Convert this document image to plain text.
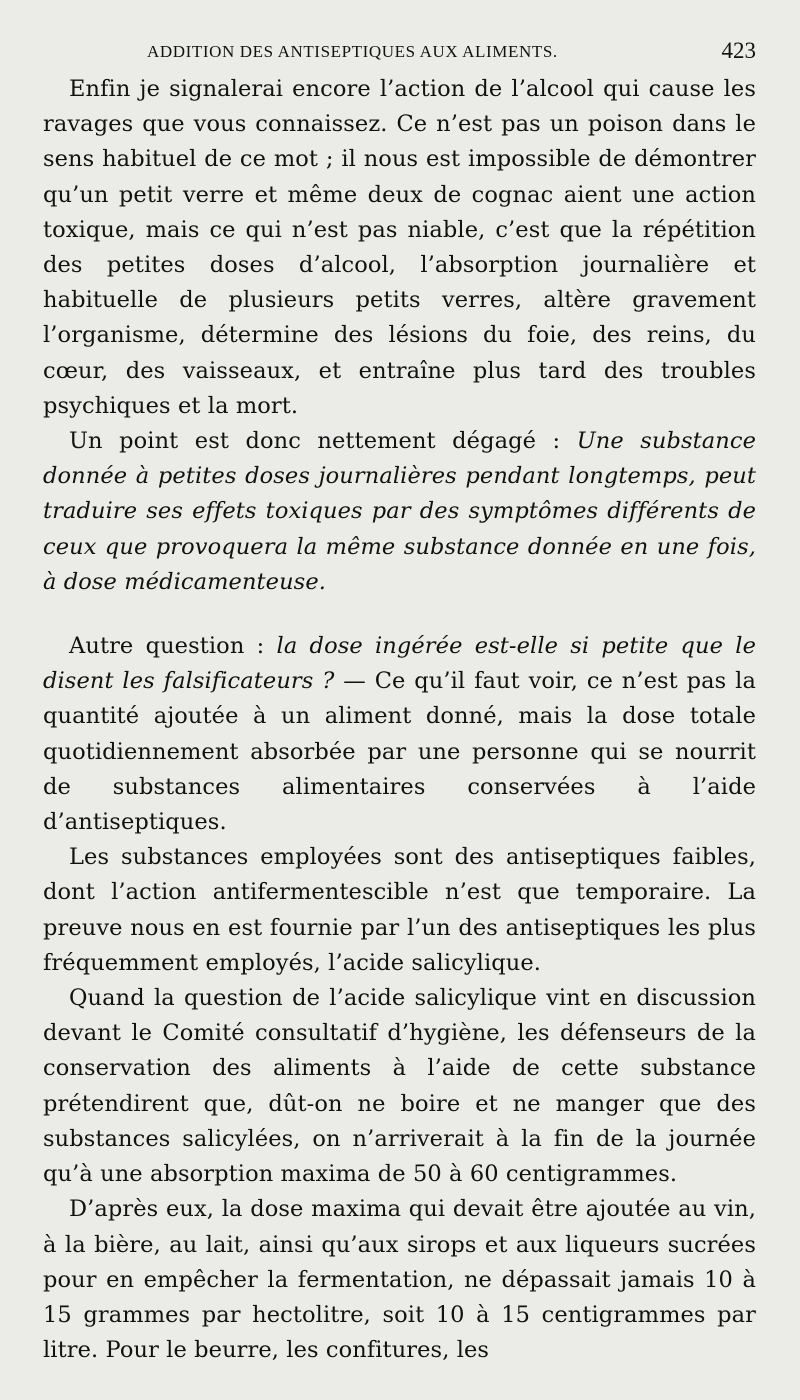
ADDITION DES ANTISEPTIQUES AUX ALIMENTS.	423

Enfin je signalerai encore l’action de l’alcool qui cause les ravages que vous connaissez. Ce n’est pas un poison dans le sens habituel de ce mot ; il nous est impossible de démontrer qu’un petit verre et même deux de cognac aient une action toxique, mais ce qui n’est pas niable, c’est que la répétition des petites doses d’alcool, l’absorption journalière et habituelle de plusieurs petits verres, altère gravement l’organisme, détermine des lésions du foie, des reins, du cœur, des vaisseaux, et entraîne plus tard des troubles psychiques et la mort.

Un point est donc nettement dégagé : Une substance donnée à petites doses journalières pendant longtemps, peut traduire ses effets toxiques par des symptômes différents de ceux que provoquera la même substance donnée en une fois, à dose médicamenteuse.

Autre question : la dose ingérée est-elle si petite que le disent les falsificateurs ? — Ce qu’il faut voir, ce n’est pas la quantité ajoutée à un aliment donné, mais la dose totale quotidiennement absorbée par une personne qui se nourrit de substances alimentaires conservées à l’aide d’antiseptiques.

Les substances employées sont des antiseptiques faibles, dont l’action antifermentescible n’est que temporaire. La preuve nous en est fournie par l’un des antiseptiques les plus fréquemment employés, l’acide salicylique.

Quand la question de l’acide salicylique vint en discussion devant le Comité consultatif d’hygiène, les défenseurs de la conservation des aliments à l’aide de cette substance prétendirent que, dût-on ne boire et ne manger que des substances salicylées, on n’arriverait à la fin de la journée qu’à une absorption maxima de 50 à 60 centigrammes.

D’après eux, la dose maxima qui devait être ajoutée au vin, à la bière, au lait, ainsi qu’aux sirops et aux liqueurs sucrées pour en empêcher la fermentation, ne dépassait jamais 10 à 15 grammes par hectolitre, soit 10 à 15 centigrammes par litre. Pour le beurre, les confitures, les
